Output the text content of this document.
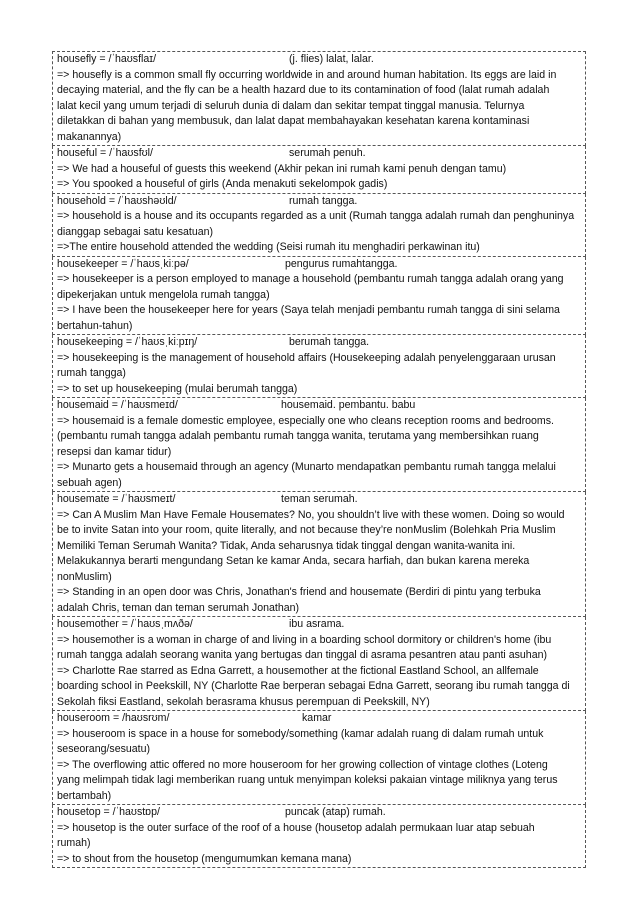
housefly = /ˈhaʊsflaɪ/	(j. flies) lalat, lalar.
=> housefly is a common small fly occurring worldwide in and around human habitation. Its eggs are laid in
decaying material, and the fly can be a health hazard due to its contamination of food (lalat rumah adalah
lalat kecil yang umum terjadi di seluruh dunia di dalam dan sekitar tempat tinggal manusia. Telurnya
diletakkan di bahan yang membusuk, dan lalat dapat membahayakan kesehatan karena kontaminasi
makanannya)
houseful = /ˈhaʊsfʊl/	serumah penuh.
=> We had a houseful of guests this weekend (Akhir pekan ini rumah kami penuh dengan tamu)
=> You spooked a houseful of girls (Anda menakuti sekelompok gadis)
household = /ˈhaʊshəʊld/	rumah tangga.
=> household is a house and its occupants regarded as a unit (Rumah tangga adalah rumah dan penghuninya
dianggap sebagai satu kesatuan)
=>The entire household attended the wedding (Seisi rumah itu menghadiri perkawinan itu)
housekeeper = /ˈhaʊsˌkiːpə/	pengurus rumahtangga.
=> housekeeper is a person employed to manage a household (pembantu rumah tangga adalah orang yang
dipekerjakan untuk mengelola rumah tangga)
=> I have been the housekeeper here for years (Saya telah menjadi pembantu rumah tangga di sini selama
bertahun-tahun)
housekeeping = /ˈhaʊsˌkiːpɪŋ/	berumah tangga.
=> housekeeping is the management of household affairs (Housekeeping adalah penyelenggaraan urusan
rumah tangga)
=> to set up housekeeping (mulai berumah tangga)
housemaid = /ˈhaʊsmeɪd/	housemaid. pembantu. babu
=> housemaid is a female domestic employee, especially one who cleans reception rooms and bedrooms.
(pembantu rumah tangga adalah pembantu rumah tangga wanita, terutama yang membersihkan ruang
resepsi dan kamar tidur)
=> Munarto gets a housemaid through an agency (Munarto mendapatkan pembantu rumah tangga melalui
sebuah agen)
housemate = /ˈhaʊsmeɪt/	teman serumah.
=> Can A Muslim Man Have Female Housemates? No, you shouldn’t live with these women. Doing so would
be to invite Satan into your room, quite literally, and not because they’re nonMuslim (Bolehkah Pria Muslim
Memiliki Teman Serumah Wanita? Tidak, Anda seharusnya tidak tinggal dengan wanita-wanita ini.
Melakukannya berarti mengundang Setan ke kamar Anda, secara harfiah, dan bukan karena mereka
nonMuslim)
=> Standing in an open door was Chris, Jonathan's friend and housemate (Berdiri di pintu yang terbuka
adalah Chris, teman dan teman serumah Jonathan)
housemother = /ˈhaʊsˌmʌðə/	ibu asrama.
=> housemother is a woman in charge of and living in a boarding school dormitory or children's home (ibu
rumah tangga adalah seorang wanita yang bertugas dan tinggal di asrama pesantren atau panti asuhan)
=> Charlotte Rae starred as Edna Garrett, a housemother at the fictional Eastland School, an allfemale
boarding school in Peekskill, NY (Charlotte Rae berperan sebagai Edna Garrett, seorang ibu rumah tangga di
Sekolah fiksi Eastland, sekolah berasrama khusus perempuan di Peekskill, NY)
houseroom = /haʊsrʊm/	kamar
=> houseroom is space in a house for somebody/something (kamar adalah ruang di dalam rumah untuk
seseorang/sesuatu)
=> The overflowing attic offered no more houseroom for her growing collection of vintage clothes (Loteng
yang melimpah tidak lagi memberikan ruang untuk menyimpan koleksi pakaian vintage miliknya yang terus
bertambah)
housetop = /ˈhaʊstɒp/	puncak (atap) rumah.
=> housetop is the outer surface of the roof of a house (housetop adalah permukaan luar atap sebuah
rumah)
=> to shout from the housetop (mengumumkan kemana mana)
